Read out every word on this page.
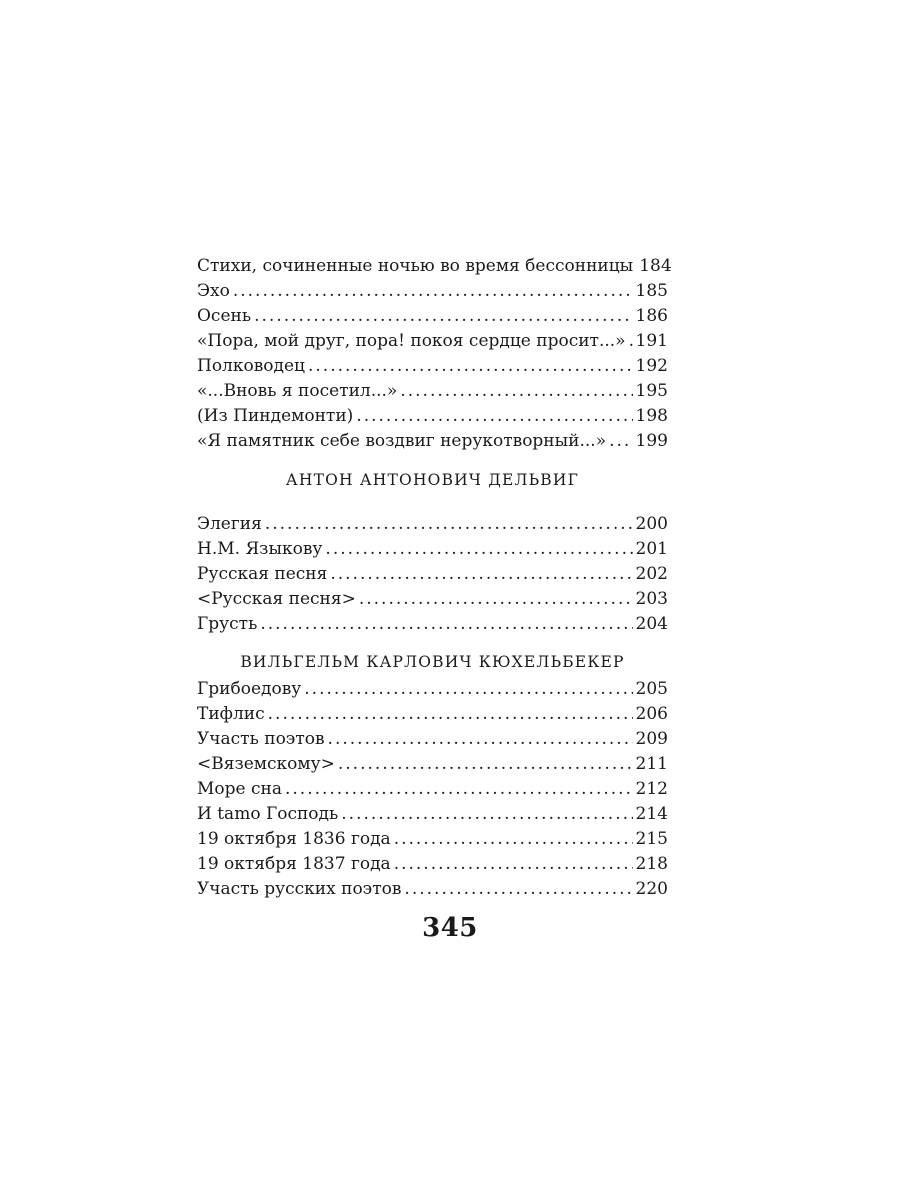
Стихи, сочиненные ночью во время бессонницы 184
Эхо .....	185
Осень .....	186
«Пора, мой друг, пора! покоя сердце просит...» ..... 191
Полководец .....	192
«...Вновь я посетил...» .....	195
(Из Пиндемонти) .....	198
«Я памятник себе воздвиг нерукотворный...» ..... 199
АНТОН АНТОНОВИЧ ДЕЛЬВИГ
Элегия .....	200
Н.М. Языкову .....	201
Русская песня .....	202
<Русская песня> .....	203
Грусть .....	204
ВИЛЬГЕЛЬМ КАРЛОВИЧ КЮХЕЛЬБЕКЕР
Грибоедову .....	205
Тифлис .....	206
Участь поэтов .....	209
<Вяземскому> .....	211
Море сна .....	212
И tamo Господь .....	214
19 октября 1836 года .....	215
19 октября 1837 года .....	218
Участь русских поэтов .....	220
345
